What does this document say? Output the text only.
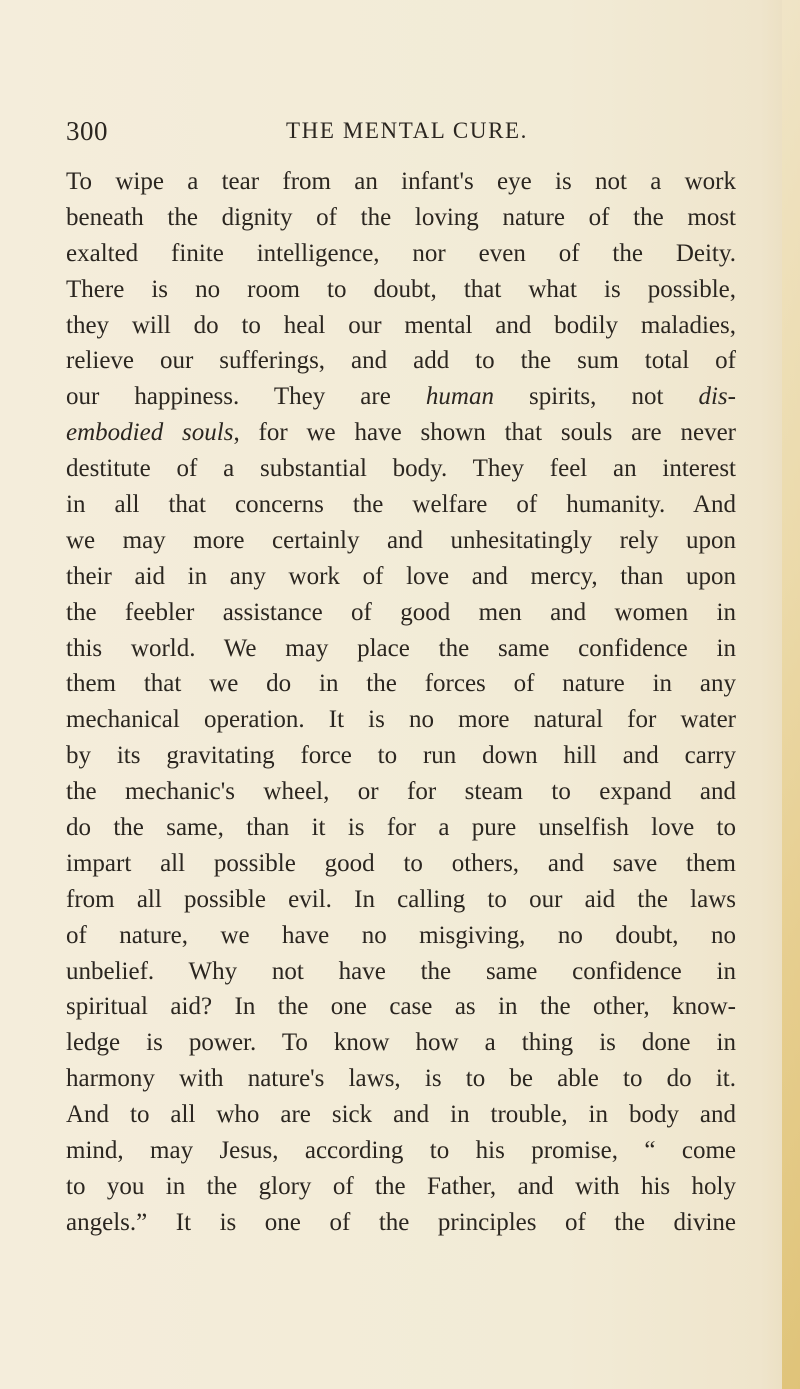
300	THE MENTAL CURE.
To wipe a tear from an infant's eye is not a work
beneath the dignity of the loving nature of the most
exalted finite intelligence, nor even of the Deity.
There is no room to doubt, that what is possible,
they will do to heal our mental and bodily maladies,
relieve our sufferings, and add to the sum total of
our happiness. They are human spirits, not dis-
embodied souls, for we have shown that souls are never
destitute of a substantial body. They feel an interest
in all that concerns the welfare of humanity. And
we may more certainly and unhesitatingly rely upon
their aid in any work of love and mercy, than upon
the feebler assistance of good men and women in
this world. We may place the same confidence in
them that we do in the forces of nature in any
mechanical operation. It is no more natural for water
by its gravitating force to run down hill and carry
the mechanic's wheel, or for steam to expand and
do the same, than it is for a pure unselfish love to
impart all possible good to others, and save them
from all possible evil. In calling to our aid the laws
of nature, we have no misgiving, no doubt, no
unbelief. Why not have the same confidence in
spiritual aid? In the one case as in the other, know-
ledge is power. To know how a thing is done in
harmony with nature's laws, is to be able to do it.
And to all who are sick and in trouble, in body and
mind, may Jesus, according to his promise, “ come
to you in the glory of the Father, and with his holy
angels.” It is one of the principles of the divine
